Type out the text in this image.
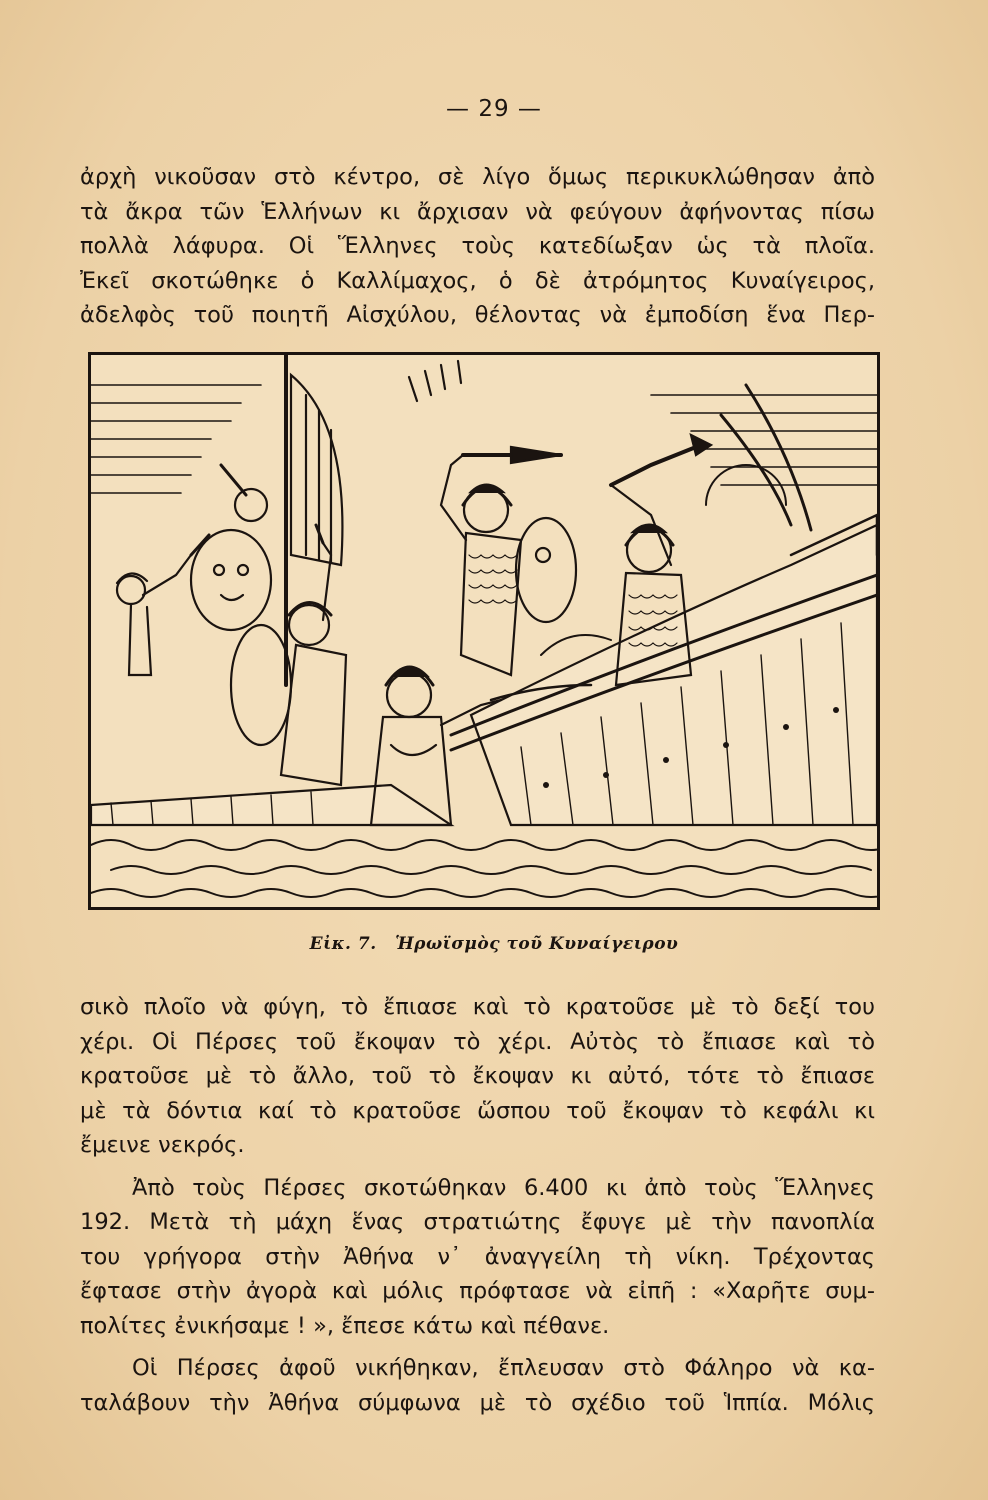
— 29 —
ἀρχὴ νικοῦσαν στὸ κέντρο, σὲ λίγο ὅμως περικυκλώθησαν ἀπὸ
τὰ ἄκρα τῶν Ἑλλήνων κι ἄρχισαν νὰ φεύγουν ἀφήνοντας πίσω
πολλὰ λάφυρα. Οἱ Ἕλληνες τοὺς κατεδίωξαν ὡς τὰ πλοῖα.
Ἐκεῖ σκοτώθηκε ὁ Καλλίμαχος, ὁ δὲ ἀτρόμητος Κυναίγειρος,
ἀδελφὸς τοῦ ποιητῆ Αἰσχύλου, θέλοντας νὰ ἐμποδίση ἕνα Περ-
Εἰκ. 7. Ἡρωϊσμὸς τοῦ Κυναίγειρου
σικὸ πλοῖο νὰ φύγη, τὸ ἔπιασε καὶ τὸ κρατοῦσε μὲ τὸ δεξί του
χέρι. Οἱ Πέρσες τοῦ ἔκοψαν τὸ χέρι. Αὐτὸς τὸ ἔπιασε καὶ τὸ
κρατοῦσε μὲ τὸ ἄλλο, τοῦ τὸ ἔκοψαν κι αὐτό, τότε τὸ ἔπιασε
μὲ τὰ δόντια καί τὸ κρατοῦσε ὥσπου τοῦ ἔκοψαν τὸ κεφάλι κι
ἔμεινε νεκρός.
Ἀπὸ τοὺς Πέρσες σκοτώθηκαν 6.400 κι ἀπὸ τοὺς Ἕλληνες
192. Μετὰ τὴ μάχη ἕνας στρατιώτης ἔφυγε μὲ τὴν πανοπλία
του γρήγορα στὴν Ἀθήνα ν᾿ ἀναγγείλη τὴ νίκη. Τρέχοντας
ἔφτασε στὴν ἀγορὰ καὶ μόλις πρόφτασε νὰ εἰπῆ : «Χαρῆτε συμ-
πολίτες ἐνικήσαμε ! », ἔπεσε κάτω καὶ πέθανε.
Οἱ Πέρσες ἀφοῦ νικήθηκαν, ἔπλευσαν στὸ Φάληρο νὰ κα-
ταλάβουν τὴν Ἀθήνα σύμφωνα μὲ τὸ σχέδιο τοῦ Ἱππία. Μόλις
